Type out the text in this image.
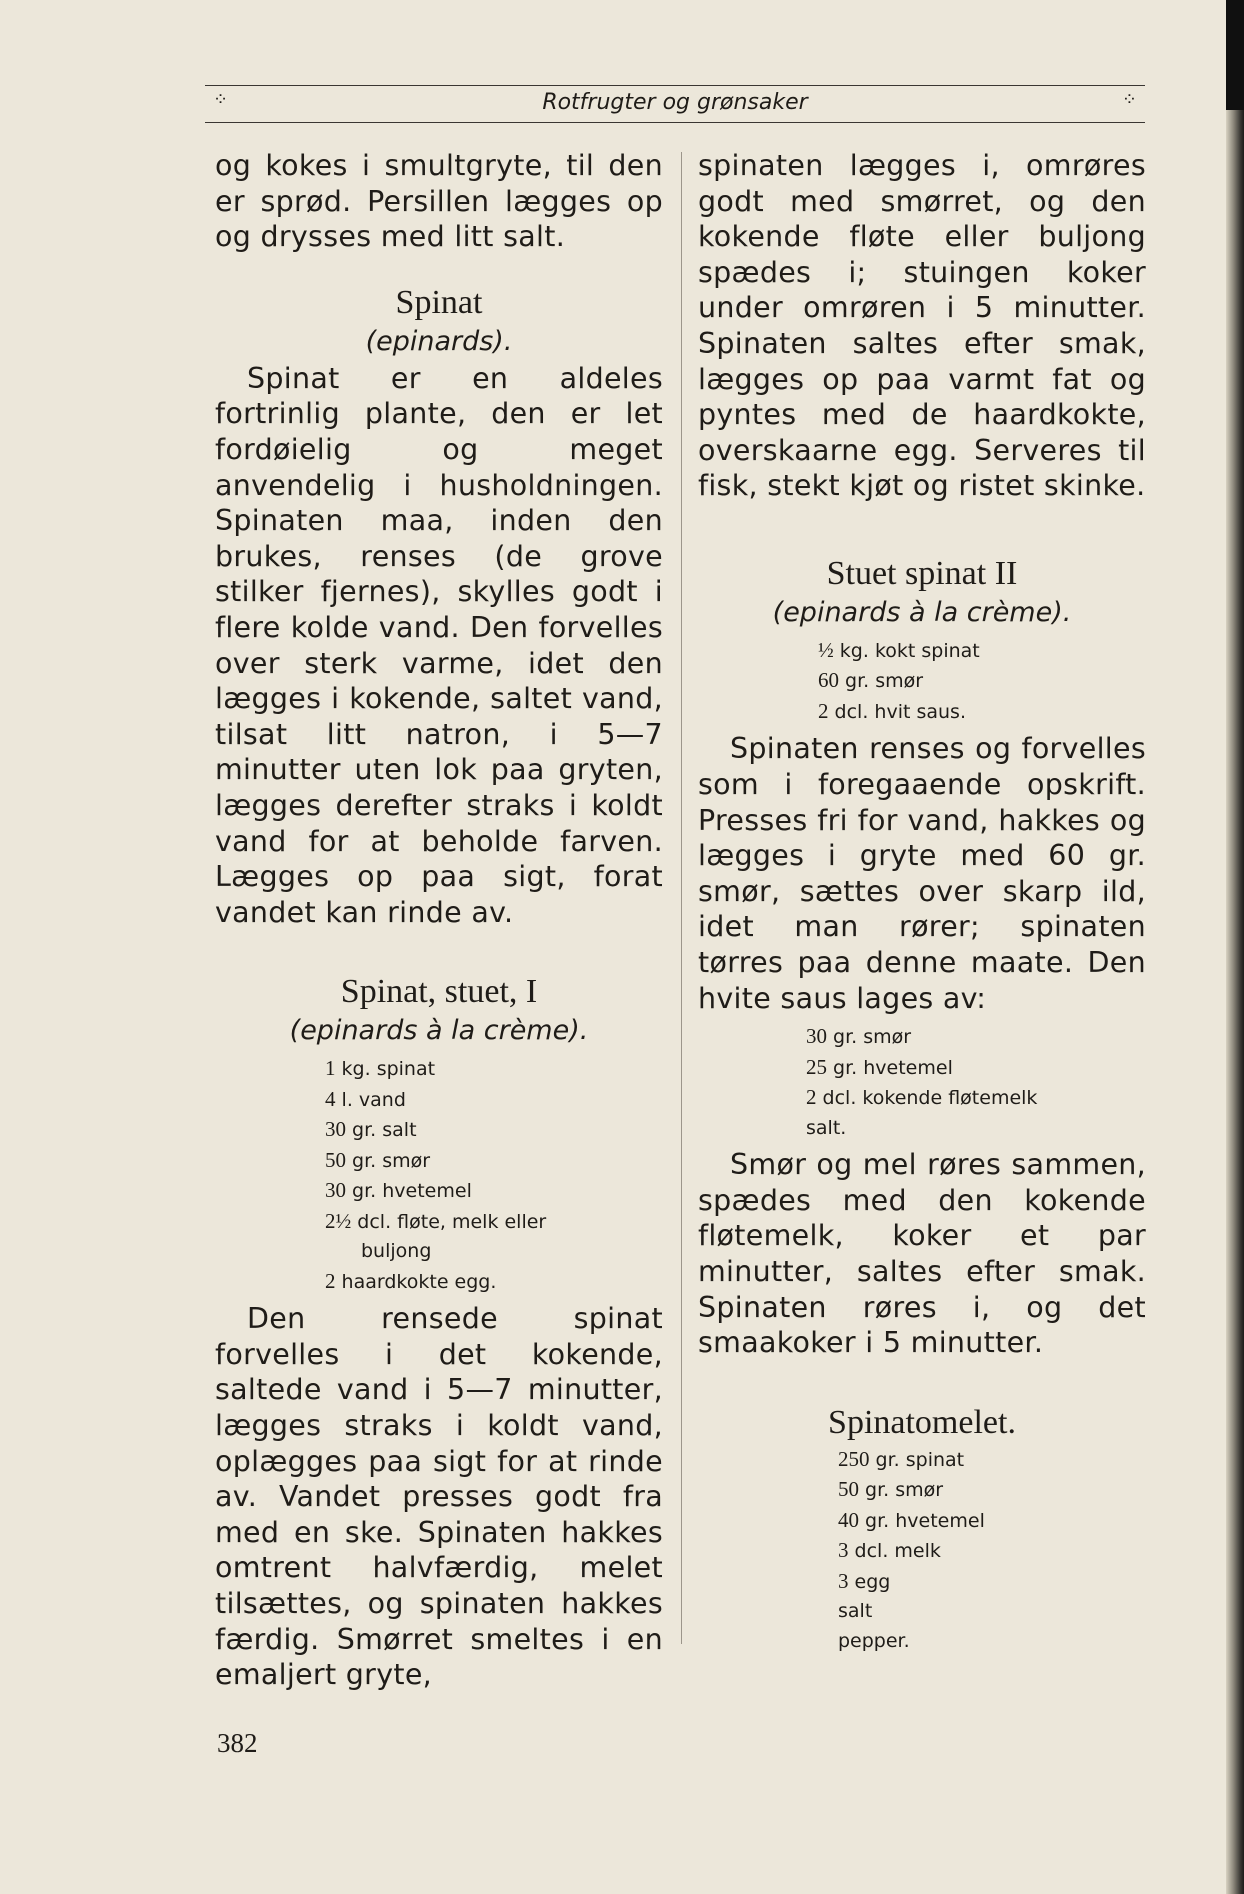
⁘	Rotfrugter og grønsaker	⁘

og kokes i smultgryte, til den er sprød. Persillen lægges op og drysses med litt salt.

Spinat

(epinards).

Spinat er en aldeles fortrinlig plante, den er let fordøielig og meget anvendelig i husholdningen. Spinaten maa, inden den brukes, renses (de grove stilker fjernes), skylles godt i flere kolde vand. Den forvelles over sterk varme, idet den lægges i kokende, saltet vand, tilsat litt natron, i 5—7 minutter uten lok paa gryten, lægges derefter straks i koldt vand for at beholde farven. Lægges op paa sigt, forat vandet kan rinde av.

Spinat, stuet, I

(epinards à la crème).

1 kg. spinat
4 l. vand
30 gr. salt
50 gr. smør
30 gr. hvetemel
2½ dcl. fløte, melk eller
buljong
2 haardkokte egg.

Den rensede spinat forvelles i det kokende, saltede vand i 5—7 minutter, lægges straks i koldt vand, oplægges paa sigt for at rinde av. Vandet presses godt fra med en ske. Spinaten hakkes omtrent halvfærdig, melet tilsættes, og spinaten hakkes færdig. Smørret smeltes i en emaljert gryte,

spinaten lægges i, omrøres godt med smørret, og den kokende fløte eller buljong spædes i; stuingen koker under omrøren i 5 minutter. Spinaten saltes efter smak, lægges op paa varmt fat og pyntes med de haardkokte, overskaarne egg. Serveres til fisk, stekt kjøt og ristet skinke.

Stuet spinat II

(epinards à la crème).

½ kg. kokt spinat
60 gr. smør
2 dcl. hvit saus.

Spinaten renses og forvelles som i foregaaende opskrift. Presses fri for vand, hakkes og lægges i gryte med 60 gr. smør, sættes over skarp ild, idet man rører; spinaten tørres paa denne maate. Den hvite saus lages av:

30 gr. smør
25 gr. hvetemel
2 dcl. kokende fløtemelk
salt.

Smør og mel røres sammen, spædes med den kokende fløtemelk, koker et par minutter, saltes efter smak. Spinaten røres i, og det smaakoker i 5 minutter.

Spinatomelet.

250 gr. spinat
50 gr. smør
40 gr. hvetemel
3 dcl. melk
3 egg
salt
pepper.
382
